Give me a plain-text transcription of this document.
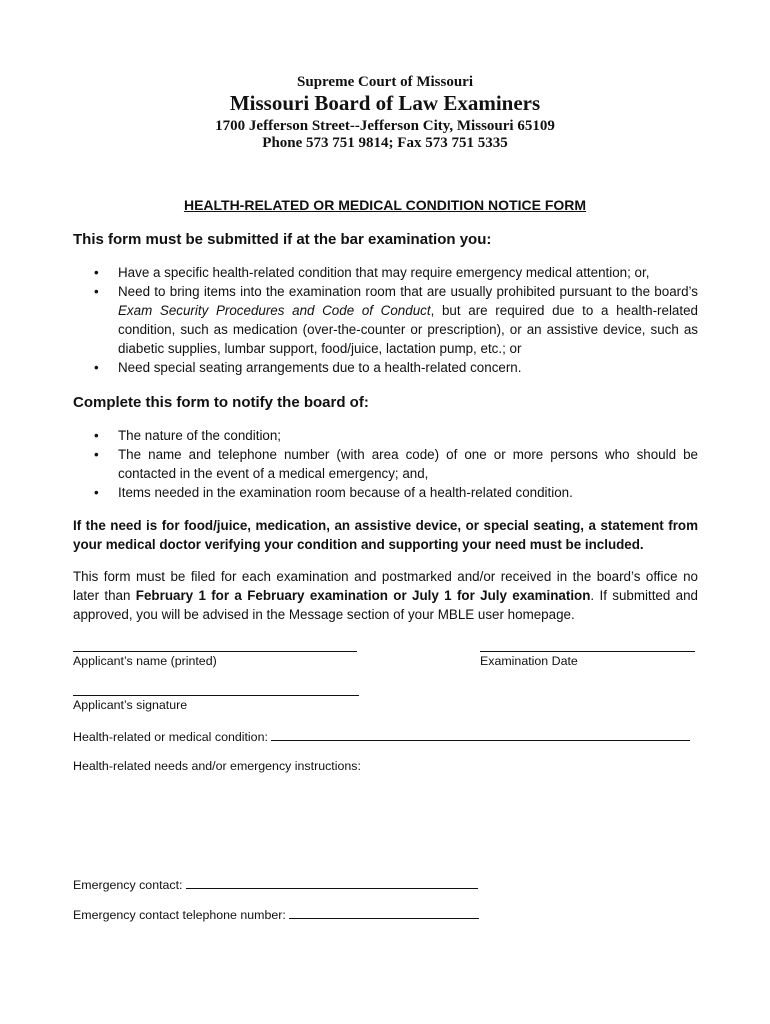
Supreme Court of Missouri
Missouri Board of Law Examiners
1700 Jefferson Street--Jefferson City, Missouri 65109
Phone 573 751 9814; Fax 573 751 5335
HEALTH-RELATED OR MEDICAL CONDITION NOTICE FORM
This form must be submitted if at the bar examination you:
• Have a specific health-related condition that may require emergency medical attention; or,
• Need to bring items into the examination room that are usually prohibited pursuant to the board’s Exam Security Procedures and Code of Conduct, but are required due to a health-related condition, such as medication (over-the-counter or prescription), or an assistive device, such as diabetic supplies, lumbar support, food/juice, lactation pump, etc.; or
• Need special seating arrangements due to a health-related concern.
Complete this form to notify the board of:
• The nature of the condition;
• The name and telephone number (with area code) of one or more persons who should be contacted in the event of a medical emergency; and,
• Items needed in the examination room because of a health-related condition.
If the need is for food/juice, medication, an assistive device, or special seating, a statement from your medical doctor verifying your condition and supporting your need must be included.
This form must be filed for each examination and postmarked and/or received in the board’s office no later than February 1 for a February examination or July 1 for July examination. If submitted and approved, you will be advised in the Message section of your MBLE user homepage.
Applicant’s name (printed)	Examination Date
Applicant’s signature
Health-related or medical condition:
Health-related needs and/or emergency instructions:
Emergency contact:
Emergency contact telephone number:
